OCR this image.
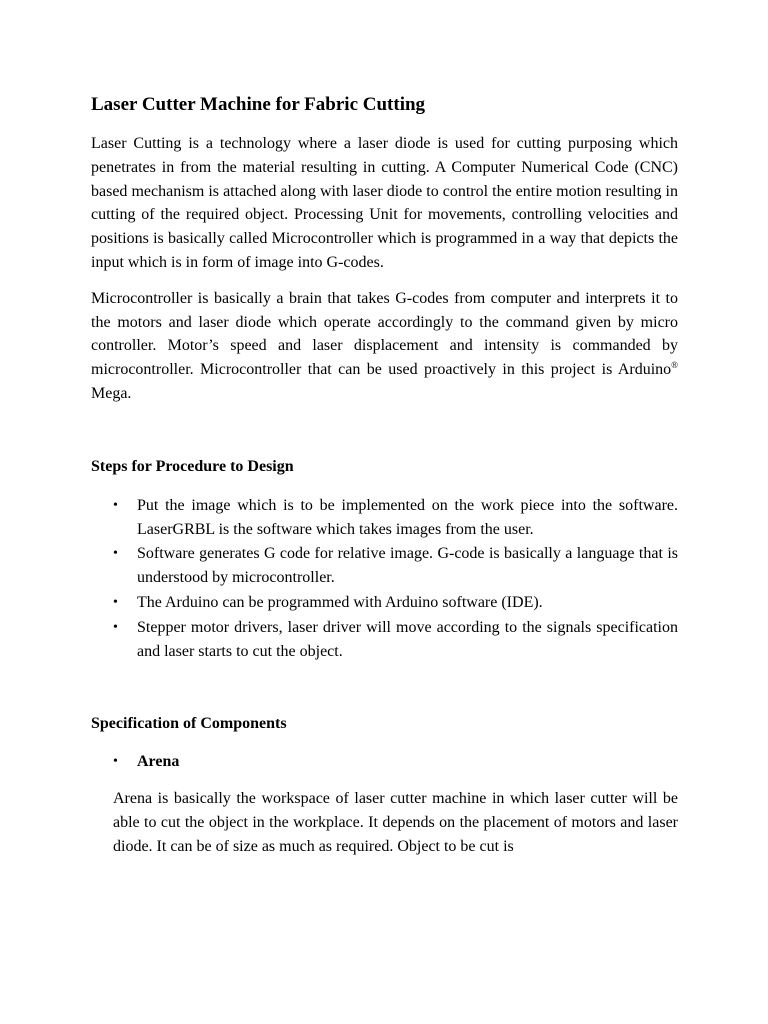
Laser Cutter Machine for Fabric Cutting

Laser Cutting is a technology where a laser diode is used for cutting purposing which penetrates in from the material resulting in cutting. A Computer Numerical Code (CNC) based mechanism is attached along with laser diode to control the entire motion resulting in cutting of the required object. Processing Unit for movements, controlling velocities and positions is basically called Microcontroller which is programmed in a way that depicts the input which is in form of image into G-codes.

Microcontroller is basically a brain that takes G-codes from computer and interprets it to the motors and laser diode which operate accordingly to the command given by micro controller. Motor’s speed and laser displacement and intensity is commanded by microcontroller. Microcontroller that can be used proactively in this project is Arduino® Mega.

Steps for Procedure to Design
• Put the image which is to be implemented on the work piece into the software. LaserGRBL is the software which takes images from the user.
• Software generates G code for relative image. G-code is basically a language that is understood by microcontroller.
• The Arduino can be programmed with Arduino software (IDE).
• Stepper motor drivers, laser driver will move according to the signals specification and laser starts to cut the object.
Specification of Components
• Arena

Arena is basically the workspace of laser cutter machine in which laser cutter will be able to cut the object in the workplace. It depends on the placement of motors and laser diode. It can be of size as much as required. Object to be cut is
